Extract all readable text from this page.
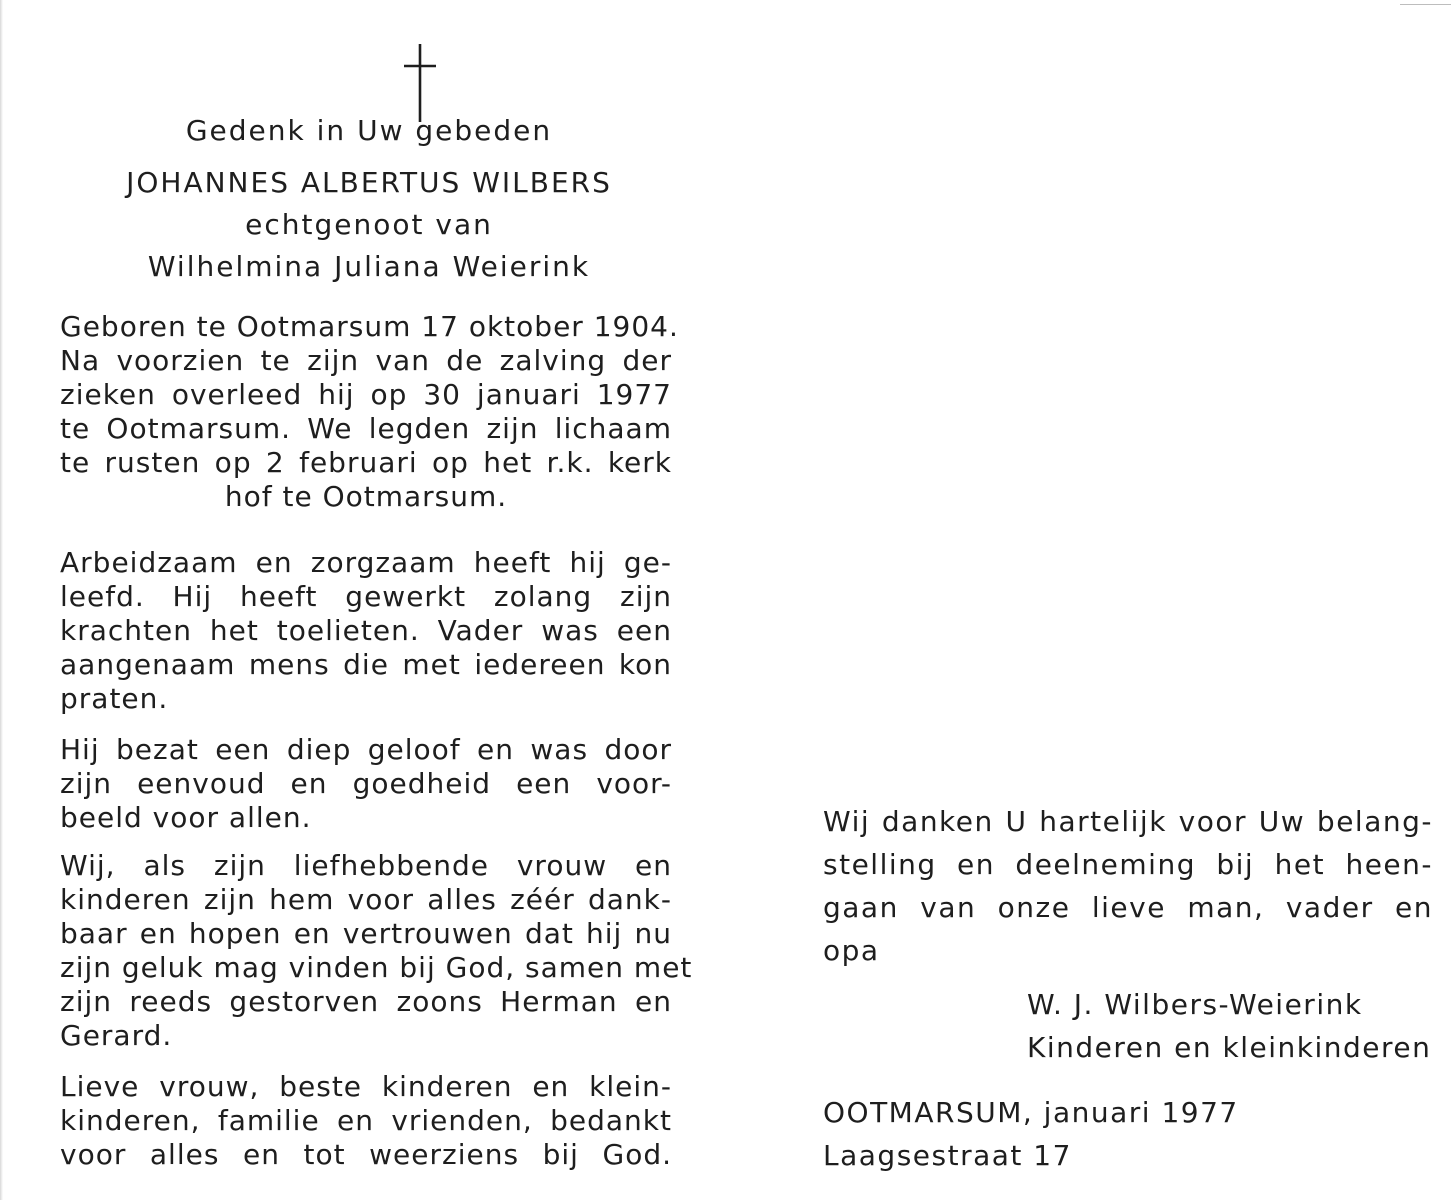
Gedenk in Uw gebeden
JOHANNES ALBERTUS WILBERS
echtgenoot van
Wilhelmina Juliana Weierink
Geboren te Ootmarsum 17 oktober 1904.
Na voorzien te zijn van de zalving der
zieken overleed hij op 30 januari 1977
te Ootmarsum. We legden zijn lichaam
te rusten op 2 februari op het r.k. kerk
hof te Ootmarsum.
Arbeidzaam en zorgzaam heeft hij ge-
leefd. Hij heeft gewerkt zolang zijn
krachten het toelieten. Vader was een
aangenaam mens die met iedereen kon
praten.
Hij bezat een diep geloof en was door
zijn eenvoud en goedheid een voor-
beeld voor allen.
Wij, als zijn liefhebbende vrouw en
kinderen zijn hem voor alles zéér dank-
baar en hopen en vertrouwen dat hij nu
zijn geluk mag vinden bij God, samen met
zijn reeds gestorven zoons Herman en
Gerard.
Lieve vrouw, beste kinderen en klein-
kinderen, familie en vrienden, bedankt
voor alles en tot weerziens bij God.
Wij danken U hartelijk voor Uw belang-
stelling en deelneming bij het heen-
gaan van onze lieve man, vader en
opa
W. J. Wilbers-Weierink
Kinderen en kleinkinderen
OOTMARSUM, januari 1977
Laagsestraat 17
